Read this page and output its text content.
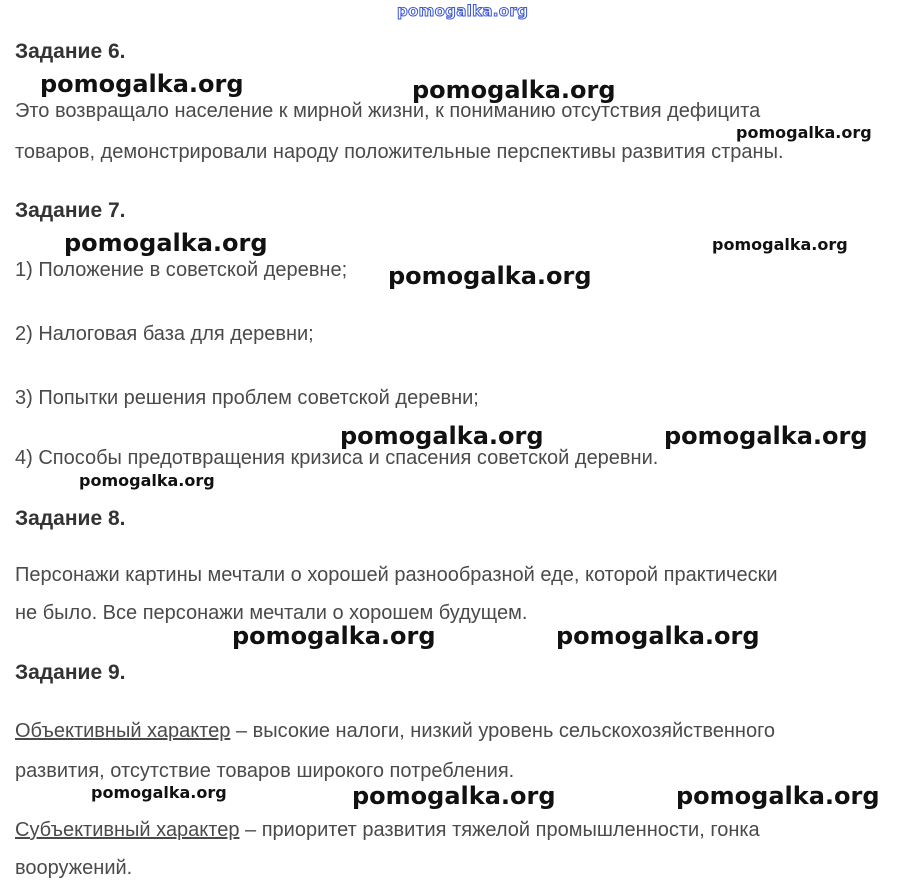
pomogalka.org
Задание 6.
Это возвращало население к мирной жизни, к пониманию отсутствия дефицита
товаров, демонстрировали народу положительные перспективы развития страны.
Задание 7.
1) Положение в советской деревне;
2) Налоговая база для деревни;
3) Попытки решения проблем советской деревни;
4) Способы предотвращения кризиса и спасения советской деревни.
Задание 8.
Персонажи картины мечтали о хорошей разнообразной еде, которой практически
не было. Все персонажи мечтали о хорошем будущем.
Задание 9.
Объективный характер – высокие налоги, низкий уровень сельскохозяйственного
развития, отсутствие товаров широкого потребления.
Субъективный характер – приоритет развития тяжелой промышленности, гонка
вооружений.
pomogalka.org	pomogalka.org
pomogalka.org
pomogalka.org	pomogalka.org
pomogalka.org
pomogalka.org	pomogalka.org
pomogalka.org
pomogalka.org	pomogalka.org
pomogalka.org	pomogalka.org	pomogalka.org
